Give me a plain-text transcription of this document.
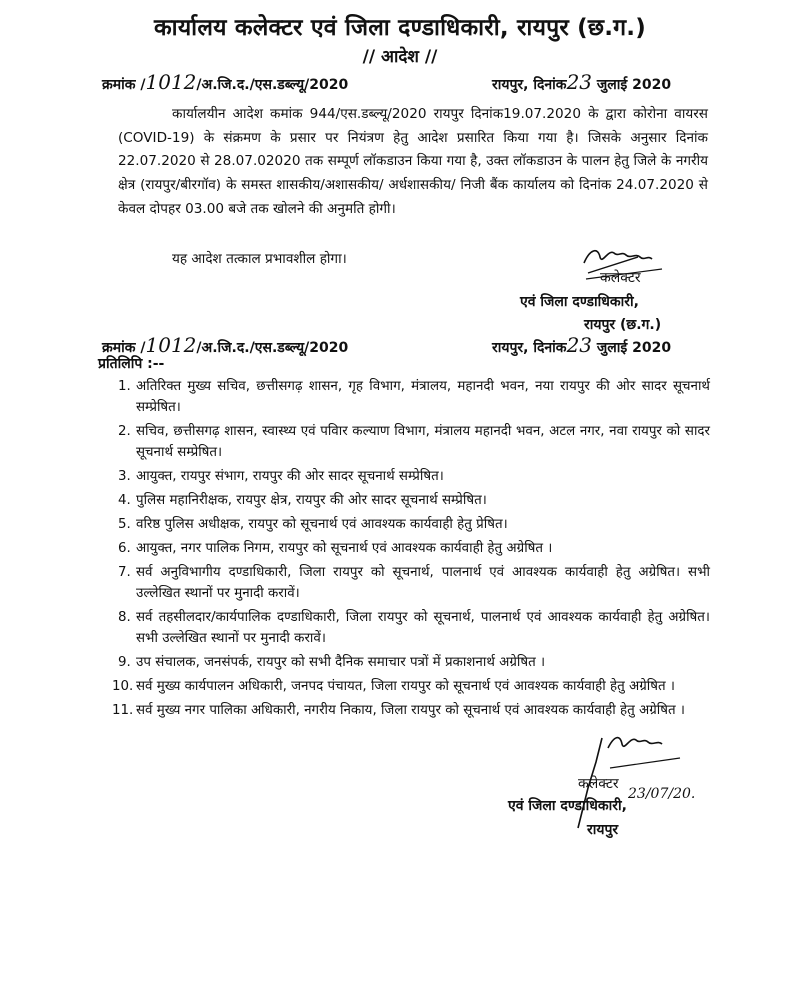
कार्यालय कलेक्टर एवं जिला दण्डाधिकारी, रायपुर (छ.ग.)
// आदेश //
क्रमांक /1012/अ.जि.द./एस.डब्ल्यू/2020	रायपुर, दिनांक23 जुलाई 2020

कार्यालयीन आदेश कमांक 944/एस.डब्ल्यू/2020 रायपुर दिनांक19.07.2020 के द्वारा कोरोना वायरस (COVID-19) के संक्रमण के प्रसार पर नियंत्रण हेतु आदेश प्रसारित किया गया है। जिसके अनुसार दिनांक 22.07.2020 से 28.07.02020 तक सम्पूर्ण लॉकडाउन किया गया है, उक्त लॉकडाउन के पालन हेतु जिले के नगरीय क्षेत्र (रायपुर/बीरगॉव) के समस्त शासकीय/अशासकीय/ अर्धशासकीय/ निजी बैंक कार्यालय को दिनांक 24.07.2020 से केवल दोपहर 03.00 बजे तक खोलने की अनुमति होगी।

यह आदेश तत्काल प्रभावशील होगा।

कलेक्टर
एवं जिला दण्डाधिकारी,
रायपुर (छ.ग.)
क्रमांक /1012/अ.जि.द./एस.डब्ल्यू/2020	रायपुर, दिनांक23 जुलाई 2020
प्रतिलिपि :--
1. अतिरिक्त मुख्य सचिव, छत्तीसगढ़ शासन, गृह विभाग, मंत्रालय, महानदी भवन, नया रायपुर की ओर सादर सूचनार्थ सम्प्रेषित।
2. सचिव, छत्तीसगढ़ शासन, स्वास्थ्य एवं पविार कल्याण विभाग, मंत्रालय महानदी भवन, अटल नगर, नवा रायपुर को सादर सूचनार्थ सम्प्रेषित।
3. आयुक्त, रायपुर संभाग, रायपुर की ओर सादर सूचनार्थ सम्प्रेषित।
4. पुलिस महानिरीक्षक, रायपुर क्षेत्र, रायपुर की ओर सादर सूचनार्थ सम्प्रेषित।
5. वरिष्ठ पुलिस अधीक्षक, रायपुर को सूचनार्थ एवं आवश्यक कार्यवाही हेतु प्रेषित।
6. आयुक्त, नगर पालिक निगम, रायपुर को सूचनार्थ एवं आवश्यक कार्यवाही हेतु अग्रेषित ।
7. सर्व अनुविभागीय दण्डाधिकारी, जिला रायपुर को सूचनार्थ, पालनार्थ एवं आवश्यक कार्यवाही हेतु अग्रेषित। सभी उल्लेखित स्थानों पर मुनादी करावें।
8. सर्व तहसीलदार/कार्यपालिक दण्डाधिकारी, जिला रायपुर को सूचनार्थ, पालनार्थ एवं आवश्यक कार्यवाही हेतु अग्रेषित। सभी उल्लेखित स्थानों पर मुनादी करावें।
9. उप संचालक, जनसंपर्क, रायपुर को सभी दैनिक समाचार पत्रों में प्रकाशनार्थ अग्रेषित ।
10. सर्व मुख्य कार्यपालन अधिकारी, जनपद पंचायत, जिला रायपुर को सूचनार्थ एवं आवश्यक कार्यवाही हेतु अग्रेषित ।
11. सर्व मुख्य नगर पालिका अधिकारी, नगरीय निकाय, जिला रायपुर को सूचनार्थ एवं आवश्यक कार्यवाही हेतु अग्रेषित ।
23/07/20.
कलेक्टर
एवं जिला दण्डाधिकारी,
रायपुर
